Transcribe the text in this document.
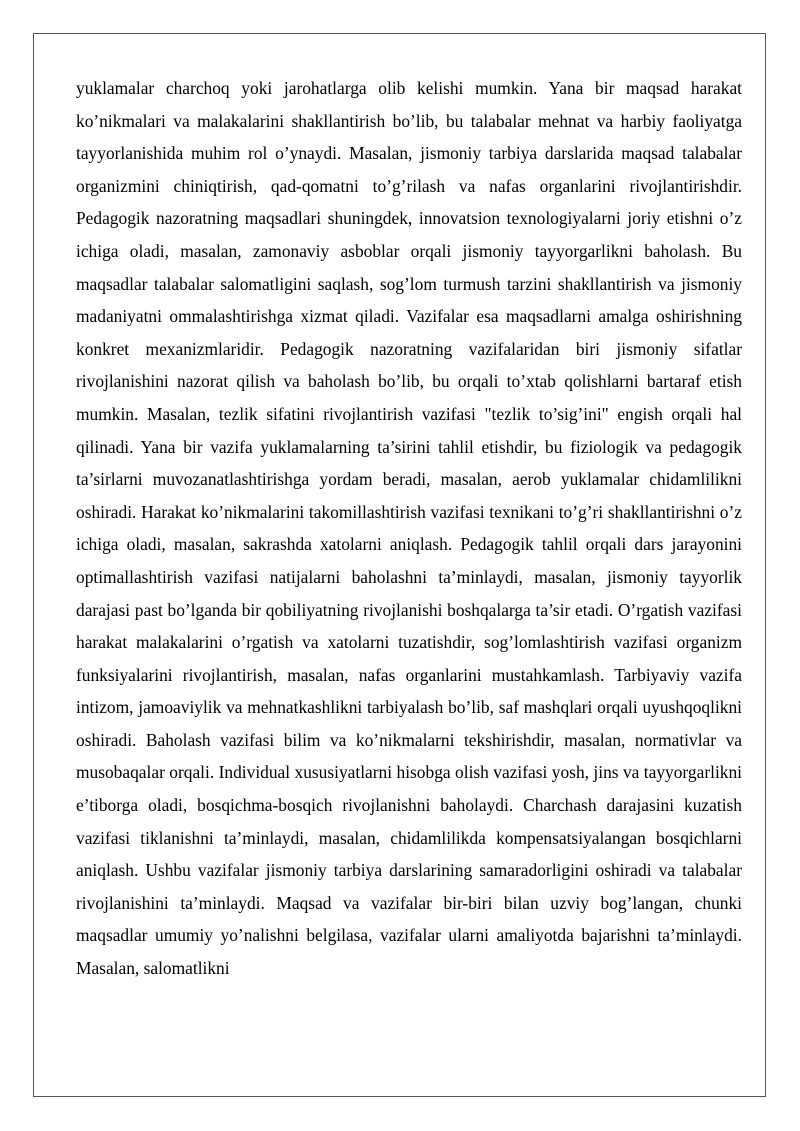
yuklamalar charchoq yoki jarohatlarga olib kelishi mumkin. Yana bir maqsad harakat ko’nikmalari va malakalarini shakllantirish bo’lib, bu talabalar mehnat va harbiy faoliyatga tayyorlanishida muhim rol o’ynaydi. Masalan, jismoniy tarbiya darslarida maqsad talabalar organizmini chiniqtirish, qad-qomatni to’g’rilash va nafas organlarini rivojlantirishdir. Pedagogik nazoratning maqsadlari shuningdek, innovatsion texnologiyalarni joriy etishni o’z ichiga oladi, masalan, zamonaviy asboblar orqali jismoniy tayyorgarlikni baholash. Bu maqsadlar talabalar salomatligini saqlash, sog’lom turmush tarzini shakllantirish va jismoniy madaniyatni ommalashtirishga xizmat qiladi. Vazifalar esa maqsadlarni amalga oshirishning konkret mexanizmlaridir. Pedagogik nazoratning vazifalaridan biri jismoniy sifatlar rivojlanishini nazorat qilish va baholash bo’lib, bu orqali to’xtab qolishlarni bartaraf etish mumkin. Masalan, tezlik sifatini rivojlantirish vazifasi "tezlik to’sig’ini" engish orqali hal qilinadi. Yana bir vazifa yuklamalarning ta’sirini tahlil etishdir, bu fiziologik va pedagogik ta’sirlarni muvozanatlashtirishga yordam beradi, masalan, aerob yuklamalar chidamlilikni oshiradi. Harakat ko’nikmalarini takomillashtirish vazifasi texnikani to’g’ri shakllantirishni o’z ichiga oladi, masalan, sakrashda xatolarni aniqlash. Pedagogik tahlil orqali dars jarayonini optimallashtirish vazifasi natijalarni baholashni ta’minlaydi, masalan, jismoniy tayyorlik darajasi past bo’lganda bir qobiliyatning rivojlanishi boshqalarga ta’sir etadi. O’rgatish vazifasi harakat malakalarini o’rgatish va xatolarni tuzatishdir, sog’lomlashtirish vazifasi organizm funksiyalarini rivojlantirish, masalan, nafas organlarini mustahkamlash. Tarbiyaviy vazifa intizom, jamoaviylik va mehnatkashlikni tarbiyalash bo’lib, saf mashqlari orqali uyushqoqlikni oshiradi. Baholash vazifasi bilim va ko’nikmalarni tekshirishdir, masalan, normativlar va musobaqalar orqali. Individual xususiyatlarni hisobga olish vazifasi yosh, jins va tayyorgarlikni e’tiborga oladi, bosqichma-bosqich rivojlanishni baholaydi. Charchash darajasini kuzatish vazifasi tiklanishni ta’minlaydi, masalan, chidamlilikda kompensatsiyalangan bosqichlarni aniqlash. Ushbu vazifalar jismoniy tarbiya darslarining samaradorligini oshiradi va talabalar rivojlanishini ta’minlaydi. Maqsad va vazifalar bir-biri bilan uzviy bog’langan, chunki maqsadlar umumiy yo’nalishni belgilasa, vazifalar ularni amaliyotda bajarishni ta’minlaydi. Masalan, salomatlikni
